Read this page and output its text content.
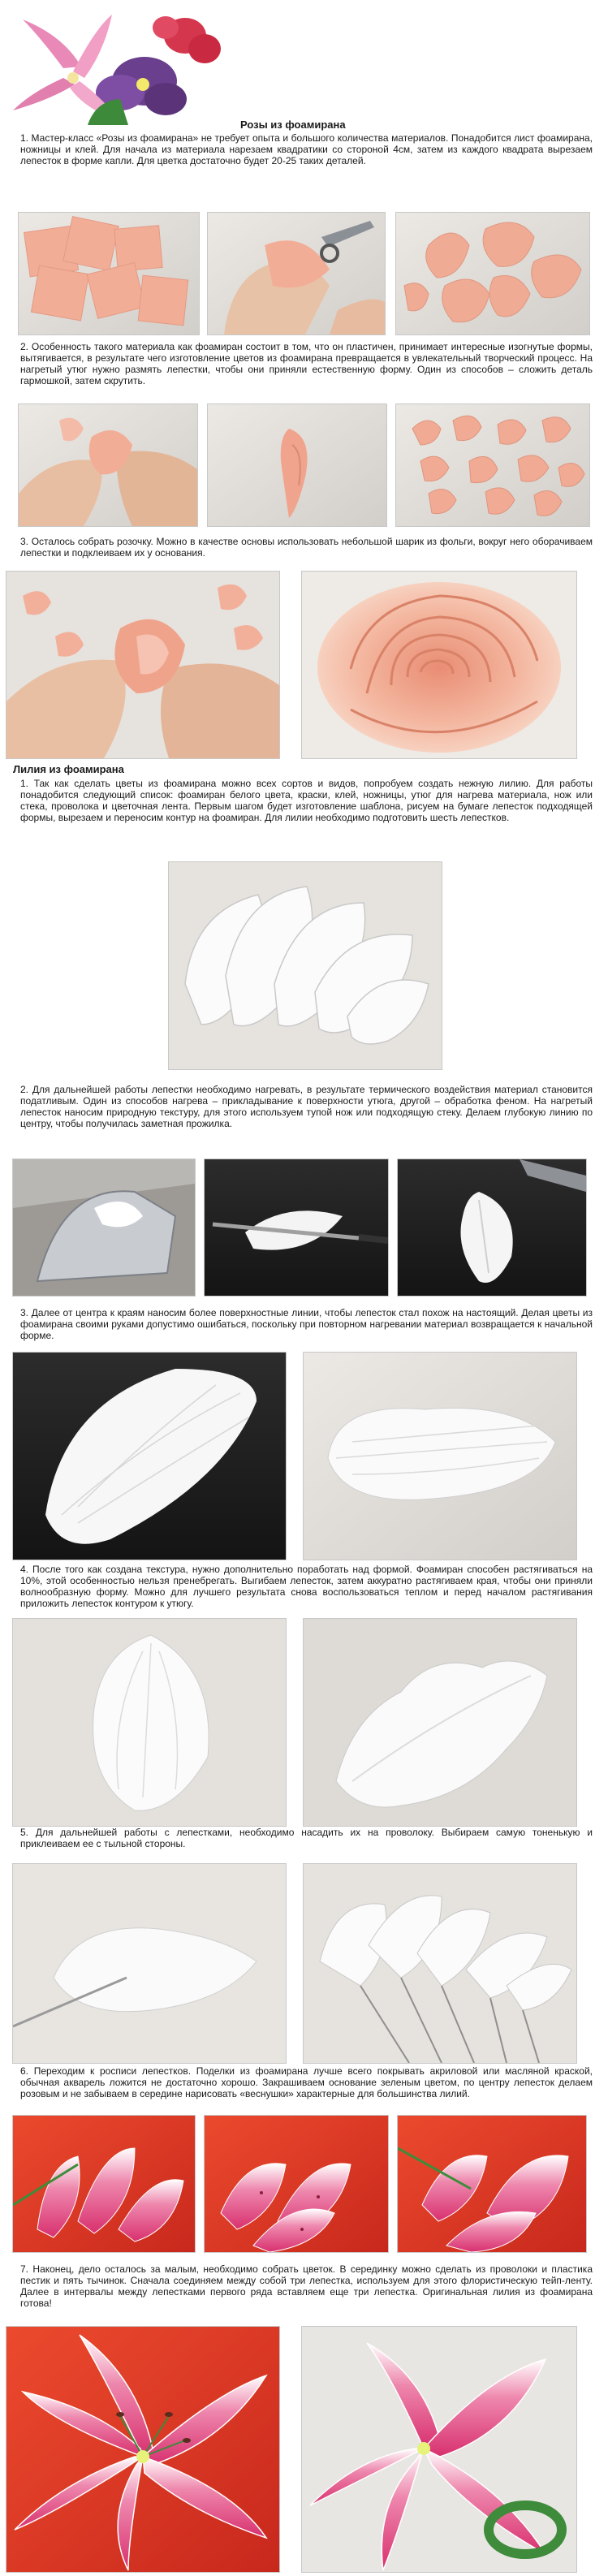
Розы из фоамирана
1. Мастер-класс «Розы из фоамирана» не требует опыта и большого количества материалов. Понадобится лист фоамирана, ножницы и клей. Для начала из материала нарезаем квадратики со стороной 4см, затем из каждого квадрата вырезаем лепесток в форме капли. Для цветка достаточно будет 20-25 таких деталей.
2. Особенность такого материала как фоамиран состоит в том, что он пластичен, принимает интересные изогнутые формы, вытягивается, в результате чего изготовление цветов из фоамирана превращается в увлекательный творческий процесс. На нагретый утюг нужно размять лепестки, чтобы они приняли естественную форму. Один из способов – сложить деталь гармошкой, затем скрутить.
3. Осталось собрать розочку. Можно в качестве основы использовать небольшой шарик из фольги, вокруг него оборачиваем лепестки и подклеиваем их у основания.
Лилия из фоамирана
1. Так как сделать цветы из фоамирана можно всех сортов и видов, попробуем создать нежную лилию. Для работы понадобится следующий список: фоамиран белого цвета, краски, клей, ножницы, утюг для нагрева материала, нож или стека, проволока и цветочная лента. Первым шагом будет изготовление шаблона, рисуем на бумаге лепесток подходящей формы, вырезаем и переносим контур на фоамиран. Для лилии необходимо подготовить шесть лепестков.
2. Для дальнейшей работы лепестки необходимо нагревать, в результате термического воздействия материал становится податливым. Один из способов нагрева – прикладывание к поверхности утюга, другой – обработка феном. На нагретый лепесток наносим природную текстуру, для этого используем тупой нож или подходящую стеку. Делаем глубокую линию по центру, чтобы получилась заметная прожилка.
3. Далее от центра к краям наносим более поверхностные линии, чтобы лепесток стал похож на настоящий. Делая цветы из фоамирана своими руками допустимо ошибаться, поскольку при повторном нагревании материал возвращается к начальной форме.
4. После того как создана текстура, нужно дополнительно поработать над формой. Фоамиран способен растягиваться на 10%, этой особенностью нельзя пренебрегать. Выгибаем лепесток, затем аккуратно растягиваем края, чтобы они приняли волнообразную форму. Можно для лучшего результата снова воспользоваться теплом и перед началом растягивания приложить лепесток контуром к утюгу.
5. Для дальнейшей работы с лепестками, необходимо насадить их на проволоку. Выбираем самую тоненькую и приклеиваем ее с тыльной стороны.
6. Переходим к росписи лепестков. Поделки из фоамирана лучше всего покрывать акриловой или масляной краской, обычная акварель ложится не достаточно хорошо. Закрашиваем основание зеленым цветом, по центру лепесток делаем розовым и не забываем в середине нарисовать «веснушки» характерные для большинства лилий.
7. Наконец, дело осталось за малым, необходимо собрать цветок. В серединку можно сделать из проволоки и пластика пестик и пять тычинок. Сначала соединяем между собой три лепестка, используем для этого флористическую тейп-ленту. Далее в интервалы между лепестками первого ряда вставляем еще три лепестка. Оригинальная лилия из фоамирана готова!
